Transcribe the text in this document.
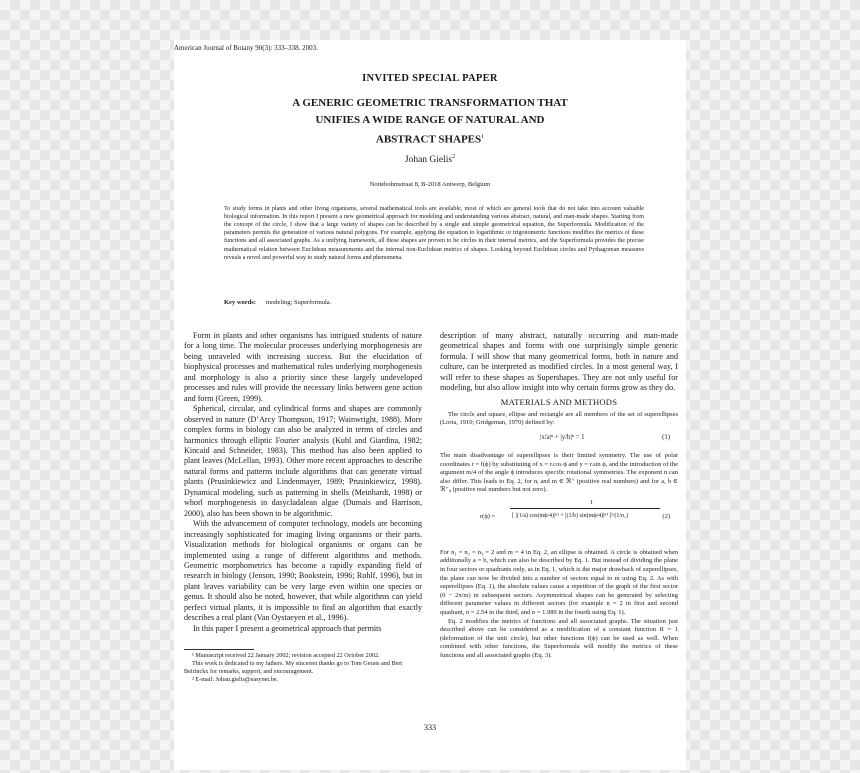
American Journal of Botany 90(3): 333–338. 2003.
INVITED SPECIAL PAPER
A GENERIC GEOMETRIC TRANSFORMATION THAT
UNIFIES A WIDE RANGE OF NATURAL AND
ABSTRACT SHAPES$^1$
Johan Gielis$^2$
Nottebohmstraat 8, B-2018 Antwerp, Belgium

To study forms in plants and other living organisms, several mathematical tools are available, most of which are general tools that do not take into account valuable biological information. In this report I present a new geometrical approach for modeling and understanding various abstract, natural, and man-made shapes. Starting from the concept of the circle, I show that a large variety of shapes can be described by a single and simple geometrical equation, the Superformula. Modification of the parameters permits the generation of various natural polygons. For example, applying the equation to logarithmic or trigonometric functions modifies the metrics of these functions and all associated graphs. As a unifying framework, all these shapes are proven to be circles in their internal metrics, and the Superformula provides the precise mathematical relation between Euclidean measurements and the internal non-Euclidean metrics of shapes. Looking beyond Euclidean circles and Pythagorean measures reveals a novel and powerful way to study natural forms and phenomena.

Key words: modeling; Superformula.

Form in plants and other organisms has intrigued students of nature for a long time. The molecular processes underlying morphogenesis are being unraveled with increasing success. But the elucidation of biophysical processes and mathematical rules underlying morphogenesis and morphology is also a priority since these largely undeveloped processes and rules will provide the necessary links between gene action and form (Green, 1999).

Spherical, circular, and cylindrical forms and shapes are commonly observed in nature (D’Arcy Thompson, 1917; Wainwright, 1988). More complex forms in biology can also be analyzed in terms of circles and harmonics through elliptic Fourier analysis (Kuhl and Giardina, 1982; Kincaid and Schneider, 1983). This method has also been applied to plant leaves (McLellan, 1993). Other more recent approaches to describe natural forms and patterns include algorithms that can generate virtual plants (Prusinkiewicz and Lindenmayer, 1989; Prusinkiewicz, 1998). Dynamical modeling, such as patterning in shells (Meinhardt, 1998) or whorl morphogenesis in dasycladalean algae (Dumais and Harrison, 2000), also has been shown to be algorithmic.

With the advancement of computer technology, models are becoming increasingly sophisticated for imaging living organisms or their parts. Visualization methods for biological organisms or organs can be implemented using a range of different algorithms and methods. Geometric morphometrics has become a rapidly expanding field of research in biology (Jenson, 1990; Bookstein, 1996; Rohlf, 1996), but in plant leaves variability can be very large even within one species or genus. It should also be noted, however, that while algorithms can yield perfect virtual plants, it is impossible to find an algorithm that exactly describes a real plant (Van Oystaeyen et al., 1996).

In this paper I present a geometrical approach that permits

description of many abstract, naturally occurring and man-made geometrical shapes and forms with one surprisingly simple generic formula. I will show that many geometrical forms, both in nature and culture, can be interpreted as modified circles. In a most general way, I will refer to these shapes as Supershapes. They are not only useful for modeling, but also allow insight into why certain forms grow as they do.

MATERIALS AND METHODS

The circle and square, ellipse and rectangle are all members of the set of superellipses (Loria, 1910; Gridgeman, 1970) defined by:

|x/a|ⁿ + |y/b|ⁿ = 1	(1)

The main disadvantage of superellipses is their limited symmetry. The use of polar coordinates r = f(ϕ) by substituting of x = r.cos ϕ and y = r.sin ϕ, and the introduction of the argument m/4 of the angle ϕ introduces specific rotational symmetries. The exponent n can also differ. This leads to Eq. 2, for nᵢ and m ∈ ℜ⁺ (positive real numbers) and for a, b ∈ ℜ⁺₀ (positive real numbers but not zero).

r(ϕ) =
1
[ |(1/a) cos(mϕ/4)|ⁿ² + |(1/b) sin(mϕ/4)|ⁿ³ ]^(1/n₁)	(2)

For n₁ = n₂ = n₃ = 2 and m = 4 in Eq. 2, an ellipse is obtained. A circle is obtained when additionally a = b, which can also be described by Eq. 1. But instead of dividing the plane in four sectors or quadrants only, as in Eq. 1, which is the major drawback of superellipses, the plane can now be divided into a number of sectors equal to m using Eq. 2. As with superellipses (Eq. 1), the absolute values cause a repetition of the graph of the first sector (0 − 2π/m) in subsequent sectors. Asymmetrical shapes can be generated by selecting different parameter values in different sectors (for example n = 2 in first and second quadrant, n = 2.54 in the third, and n = 1.989 in the fourth using Eq. 1).

Eq. 2 modifies the metrics of functions and all associated graphs. The situation just described above can be considered as a modification of a constant function R = 1 (deformation of the unit circle), but other functions f(ϕ) can be used as well. When combined with other functions, the Superformula will modify the metrics of these functions and all associated graphs (Eq. 3).

¹ Manuscript received 22 January 2002; revision accepted 22 October 2002.
This work is dedicated to my fathers. My sincerest thanks go to Tom Gerats and Bert Beirinckx for remarks, support, and encouragement.
² E-mail: Johan.gielis@easynet.be.
333
